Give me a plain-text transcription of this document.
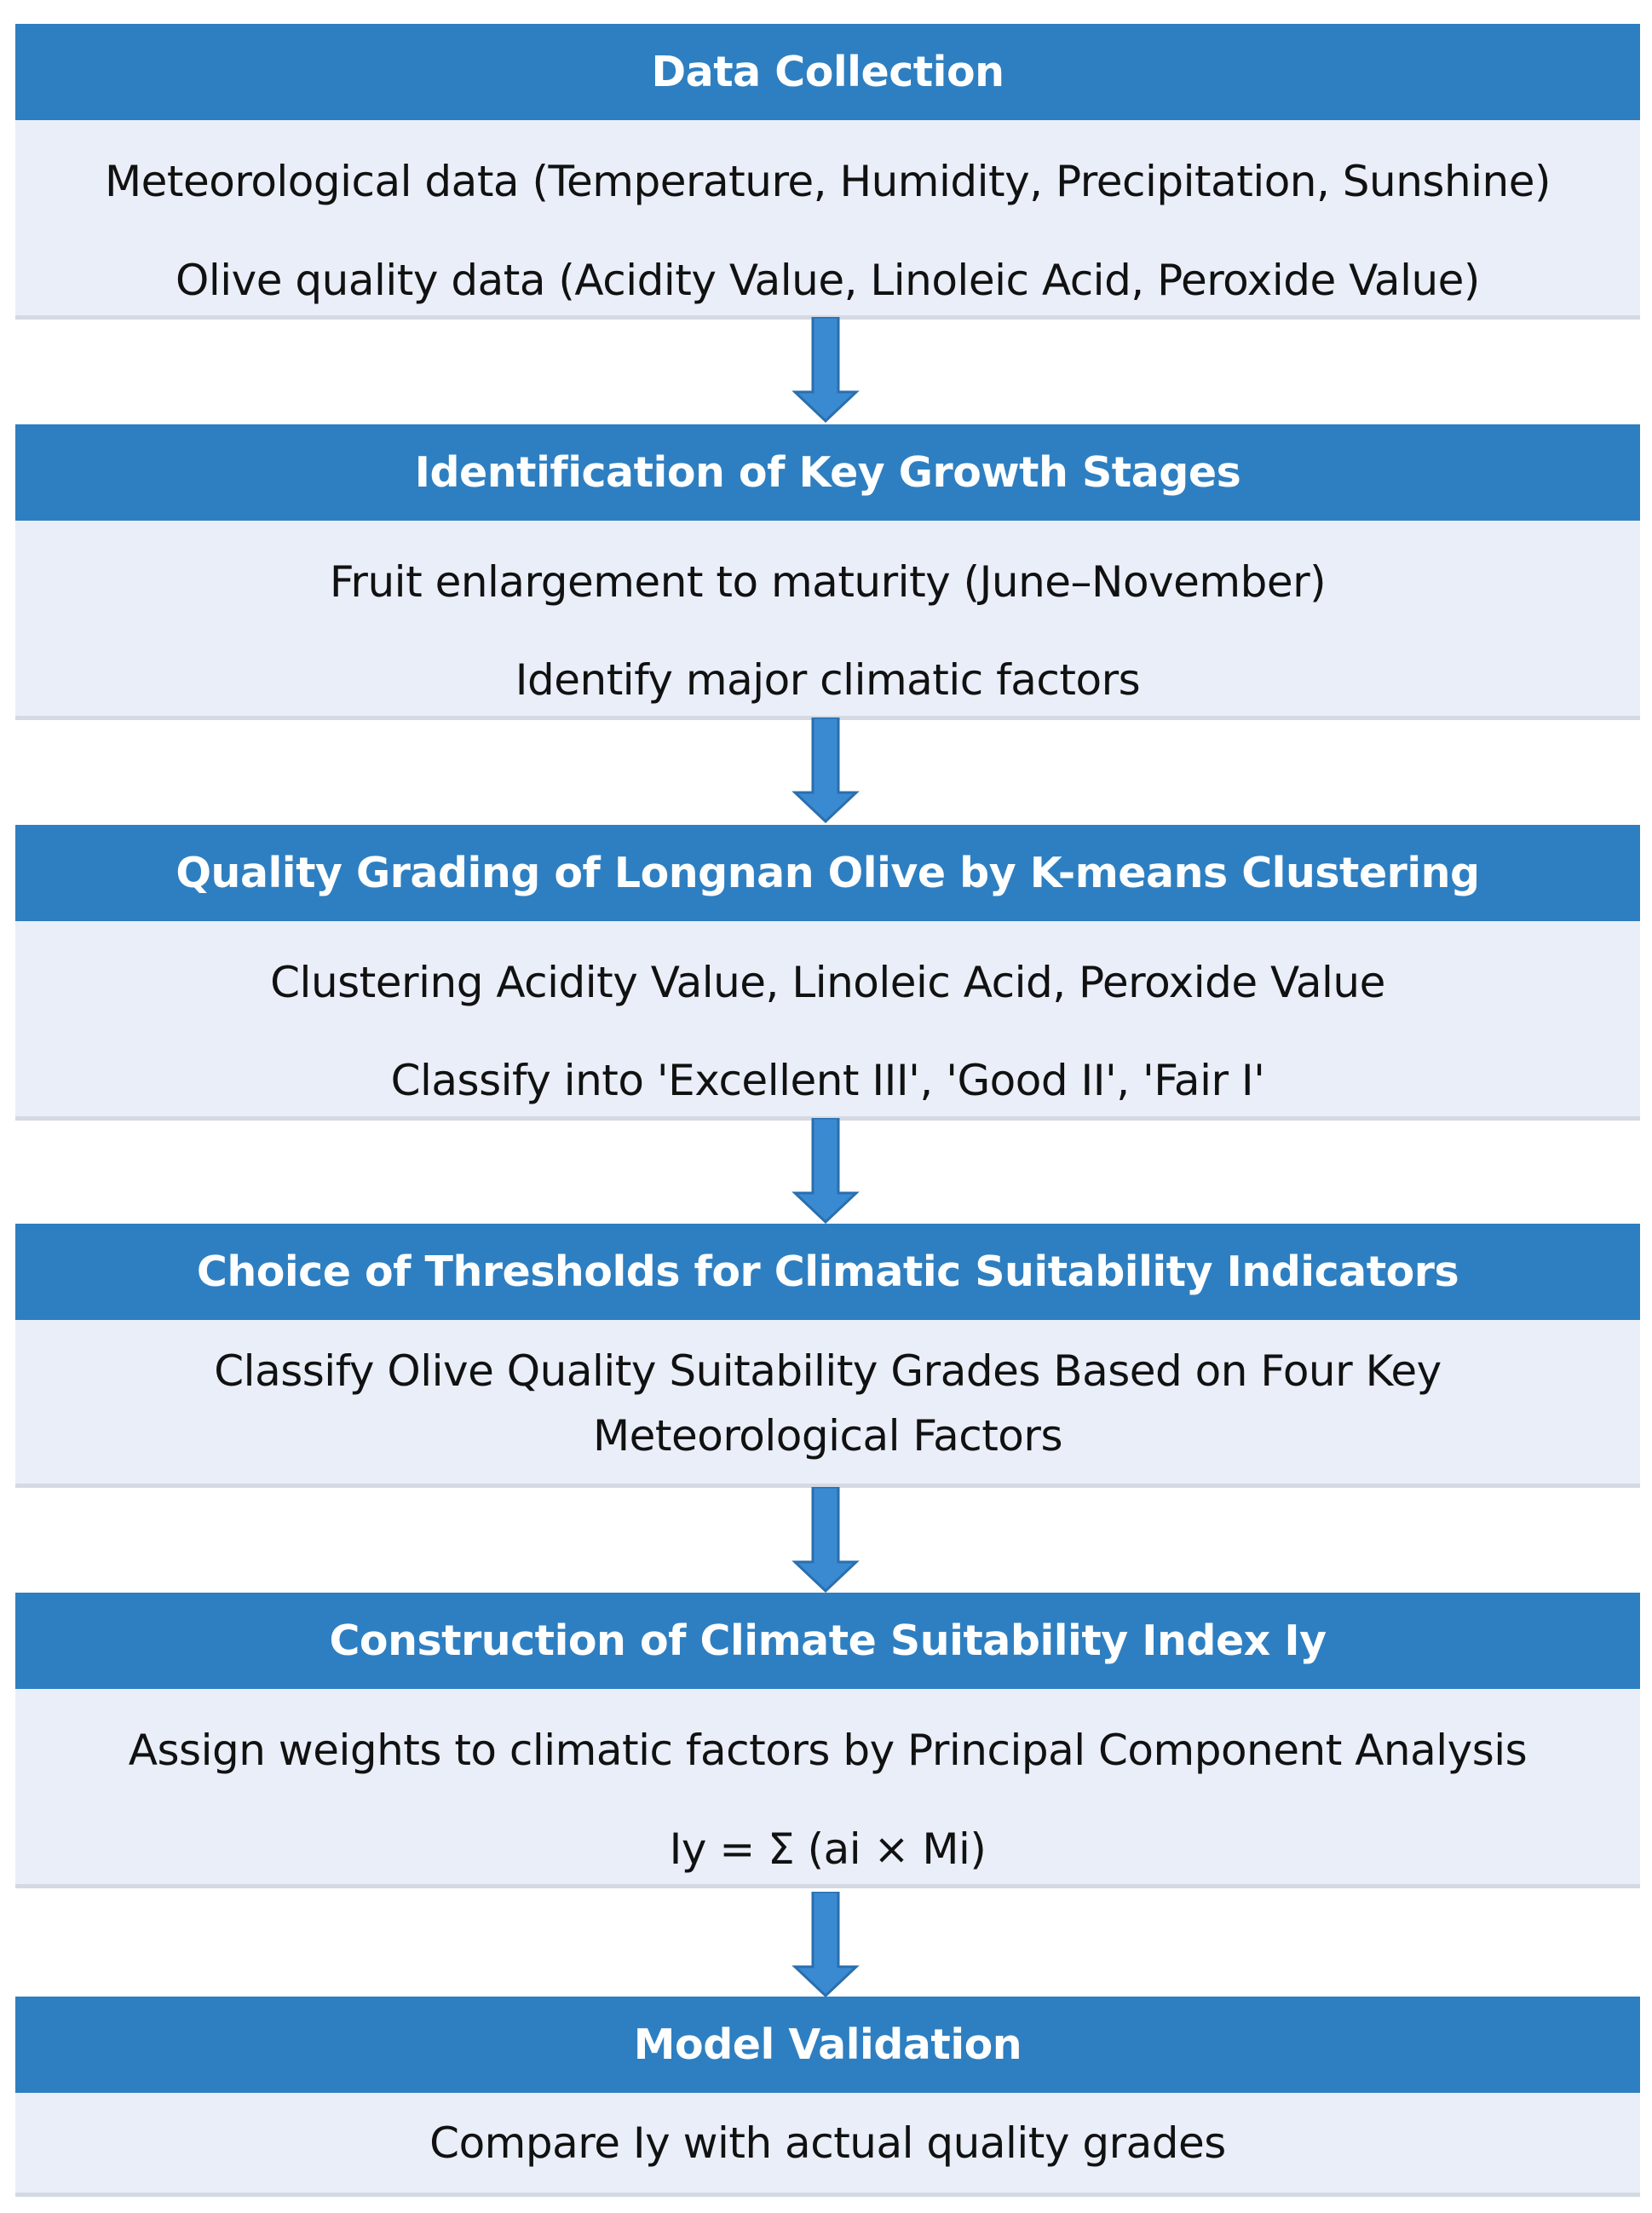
Data Collection
Meteorological data (Temperature, Humidity, Precipitation, Sunshine)
Olive quality data (Acidity Value, Linoleic Acid, Peroxide Value)
Identification of Key Growth Stages
Fruit enlargement to maturity (June–November)
Identify major climatic factors
Quality Grading of Longnan Olive by K-means Clustering
Clustering Acidity Value, Linoleic Acid, Peroxide Value
Classify into 'Excellent III', 'Good II', 'Fair I'
Choice of Thresholds for Climatic Suitability Indicators
Classify Olive Quality Suitability Grades Based on Four Key
Meteorological Factors
Construction of Climate Suitability Index Iy
Assign weights to climatic factors by Principal Component Analysis
Iy = Σ (ai × Mi)
Model Validation
Compare Iy with actual quality grades
